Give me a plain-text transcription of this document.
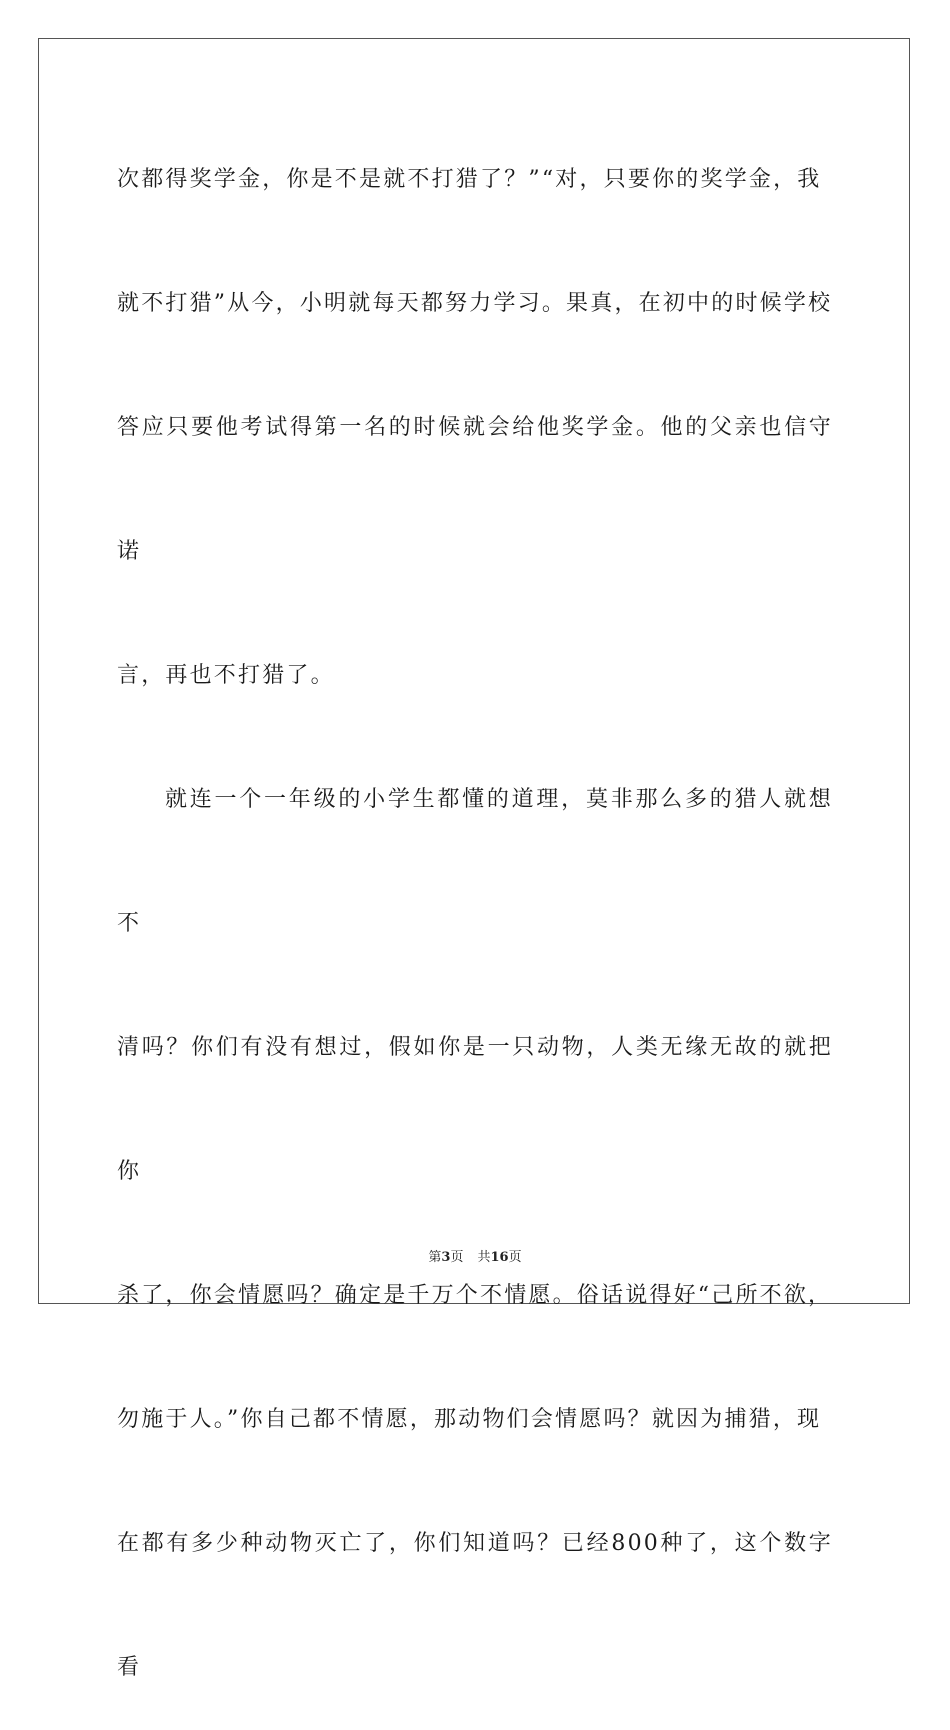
次都得奖学金，你是不是就不打猎了？”“对，只要你的奖学金，我
就不打猎”从今，小明就每天都努力学习。果真，在初中的时候学校
答应只要他考试得第一名的时候就会给他奖学金。他的父亲也信守诺
言，再也不打猎了。
就连一个一年级的小学生都懂的道理，莫非那么多的猎人就想不
清吗？你们有没有想过，假如你是一只动物，人类无缘无故的就把你
杀了，你会情愿吗？确定是千万个不情愿。俗话说得好“己所不欲，
勿施于人。”你自己都不情愿，那动物们会情愿吗？就因为捕猎，现
在都有多少种动物灭亡了，你们知道吗？已经800种了，这个数字看
第3页 共16页
